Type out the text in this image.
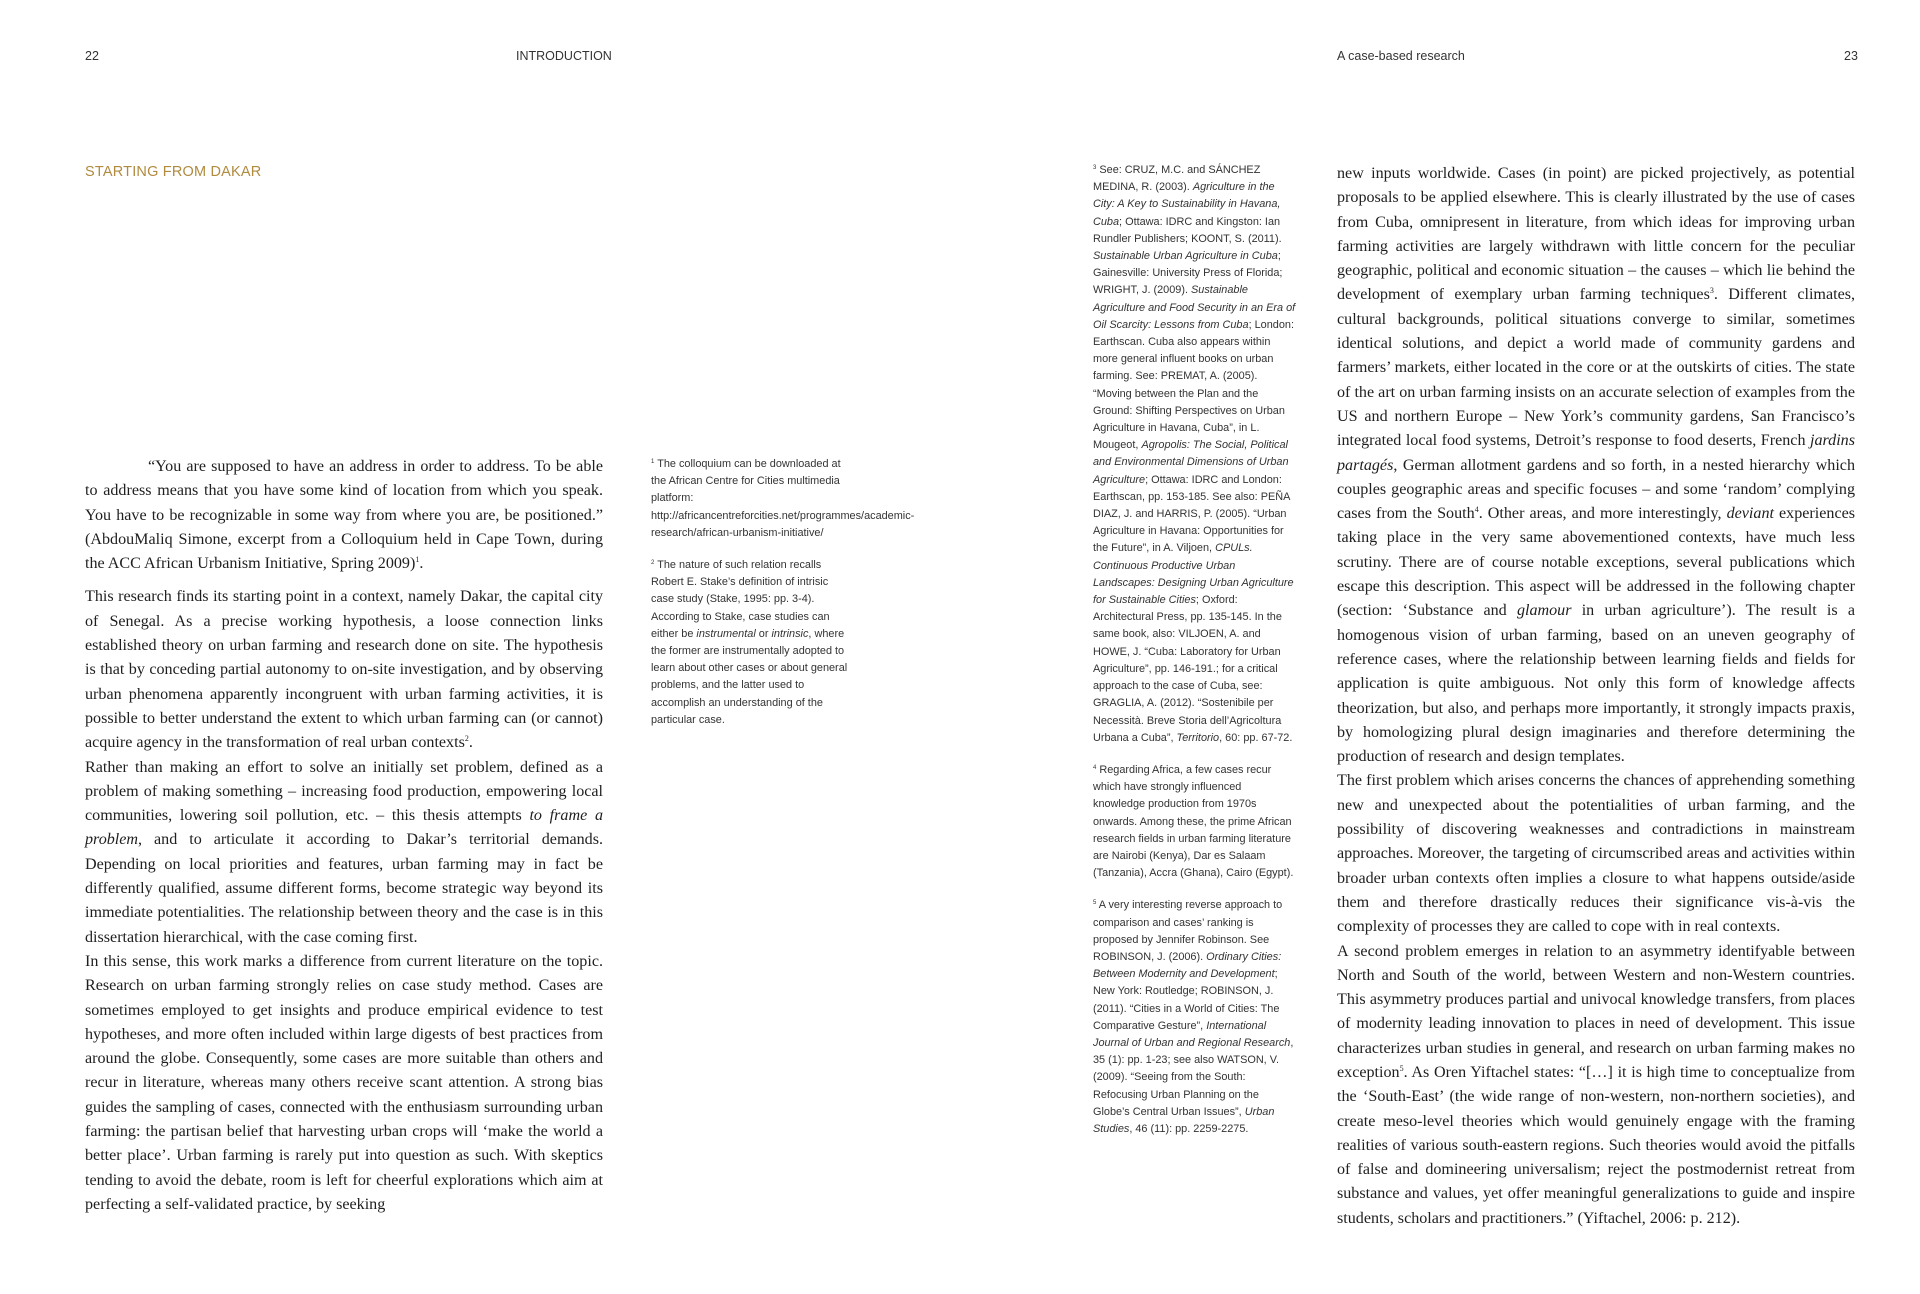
22	INTRODUCTION	A case-based research	23
STARTING FROM DAKAR

“You are supposed to have an address in order to address. To be able to address means that you have some kind of location from which you speak. You have to be recognizable in some way from where you are, be positioned.” (AbdouMaliq Simone, excerpt from a Colloquium held in Cape Town, during the ACC African Urbanism Initiative, Spring 2009)$^1$.

This research finds its starting point in a context, namely Dakar, the capital city of Senegal. As a precise working hypothesis, a loose connection links established theory on urban farming and research done on site. The hypothesis is that by conceding partial autonomy to on-site investigation, and by observing urban phenomena apparently incongruent with urban farming activities, it is possible to better understand the extent to which urban farming can (or cannot) acquire agency in the transformation of real urban contexts$^2$.

Rather than making an effort to solve an initially set problem, defined as a problem of making something – increasing food production, empowering local communities, lowering soil pollution, etc. – this thesis attempts to frame a problem, and to articulate it according to Dakar’s territorial demands. Depending on local priorities and features, urban farming may in fact be differently qualified, assume different forms, become strategic way beyond its immediate potentialities. The relationship between theory and the case is in this dissertation hierarchical, with the case coming first.

In this sense, this work marks a difference from current literature on the topic. Research on urban farming strongly relies on case study method. Cases are sometimes employed to get insights and produce empirical evidence to test hypotheses, and more often included within large digests of best practices from around the globe. Consequently, some cases are more suitable than others and recur in literature, whereas many others receive scant attention. A strong bias guides the sampling of cases, connected with the enthusiasm surrounding urban farming: the partisan belief that harvesting urban crops will ‘make the world a better place’. Urban farming is rarely put into question as such. With skeptics tending to avoid the debate, room is left for cheerful explorations which aim at perfecting a self-validated practice, by seeking

$^1$ The colloquium can be downloaded at the African Centre for Cities multimedia platform: http://africancentreforcities.net/programmes/academic-research/african-urbanism-initiative/

$^2$ The nature of such relation recalls Robert E. Stake’s definition of intrisic case study (Stake, 1995: pp. 3-4). According to Stake, case studies can either be instrumental or intrinsic, where the former are instrumentally adopted to learn about other cases or about general problems, and the latter used to accomplish an understanding of the particular case.

$^3$ See: CRUZ, M.C. and SÁNCHEZ MEDINA, R. (2003). Agriculture in the City: A Key to Sustainability in Havana, Cuba; Ottawa: IDRC and Kingston: Ian Rundler Publishers; KOONT, S. (2011). Sustainable Urban Agriculture in Cuba; Gainesville: University Press of Florida; WRIGHT, J. (2009). Sustainable Agriculture and Food Security in an Era of Oil Scarcity: Lessons from Cuba; London: Earthscan. Cuba also appears within more general influent books on urban farming. See: PREMAT, A. (2005). “Moving between the Plan and the Ground: Shifting Perspectives on Urban Agriculture in Havana, Cuba”, in L. Mougeot, Agropolis: The Social, Political and Environmental Dimensions of Urban Agriculture; Ottawa: IDRC and London: Earthscan, pp. 153-185. See also: PEÑA DIAZ, J. and HARRIS, P. (2005). “Urban Agriculture in Havana: Opportunities for the Future”, in A. Viljoen, CPULs. Continuous Productive Urban Landscapes: Designing Urban Agriculture for Sustainable Cities; Oxford: Architectural Press, pp. 135-145. In the same book, also: VILJOEN, A. and HOWE, J. “Cuba: Laboratory for Urban Agriculture”, pp. 146-191.; for a critical approach to the case of Cuba, see: GRAGLIA, A. (2012). “Sostenibile per Necessità. Breve Storia dell’Agricoltura Urbana a Cuba”, Territorio, 60: pp. 67-72.

$^4$ Regarding Africa, a few cases recur which have strongly influenced knowledge production from 1970s onwards. Among these, the prime African research fields in urban farming literature are Nairobi (Kenya), Dar es Salaam (Tanzania), Accra (Ghana), Cairo (Egypt).

$^5$ A very interesting reverse approach to comparison and cases’ ranking is proposed by Jennifer Robinson. See ROBINSON, J. (2006). Ordinary Cities: Between Modernity and Development; New York: Routledge; ROBINSON, J. (2011). “Cities in a World of Cities: The Comparative Gesture”, International Journal of Urban and Regional Research, 35 (1): pp. 1-23; see also WATSON, V. (2009). “Seeing from the South: Refocusing Urban Planning on the Globe’s Central Urban Issues”, Urban Studies, 46 (11): pp. 2259-2275.

new inputs worldwide. Cases (in point) are picked projectively, as potential proposals to be applied elsewhere. This is clearly illustrated by the use of cases from Cuba, omnipresent in literature, from which ideas for improving urban farming activities are largely withdrawn with little concern for the peculiar geographic, political and economic situation – the causes – which lie behind the development of exemplary urban farming techniques$^3$. Different climates, cultural backgrounds, political situations converge to similar, sometimes identical solutions, and depict a world made of community gardens and farmers’ markets, either located in the core or at the outskirts of cities. The state of the art on urban farming insists on an accurate selection of examples from the US and northern Europe – New York’s community gardens, San Francisco’s integrated local food systems, Detroit’s response to food deserts, French jardins partagés, German allotment gardens and so forth, in a nested hierarchy which couples geographic areas and specific focuses – and some ‘random’ complying cases from the South$^4$. Other areas, and more interestingly, deviant experiences taking place in the very same abovementioned contexts, have much less scrutiny. There are of course notable exceptions, several publications which escape this description. This aspect will be addressed in the following chapter (section: ‘Substance and glamour in urban agriculture’). The result is a homogenous vision of urban farming, based on an uneven geography of reference cases, where the relationship between learning fields and fields for application is quite ambiguous. Not only this form of knowledge affects theorization, but also, and perhaps more importantly, it strongly impacts praxis, by homologizing plural design imaginaries and therefore determining the production of research and design templates.

The first problem which arises concerns the chances of apprehending something new and unexpected about the potentialities of urban farming, and the possibility of discovering weaknesses and contradictions in mainstream approaches. Moreover, the targeting of circumscribed areas and activities within broader urban contexts often implies a closure to what happens outside/aside them and therefore drastically reduces their significance vis-à-vis the complexity of processes they are called to cope with in real contexts.

A second problem emerges in relation to an asymmetry identifyable between North and South of the world, between Western and non-Western countries. This asymmetry produces partial and univocal knowledge transfers, from places of modernity leading innovation to places in need of development. This issue characterizes urban studies in general, and research on urban farming makes no exception$^5$. As Oren Yiftachel states: “[…] it is high time to conceptualize from the ‘South-East’ (the wide range of non-western, non-northern societies), and create meso-level theories which would genuinely engage with the framing realities of various south-eastern regions. Such theories would avoid the pitfalls of false and domineering universalism; reject the postmodernist retreat from substance and values, yet offer meaningful generalizations to guide and inspire students, scholars and practitioners.” (Yiftachel, 2006: p. 212).
